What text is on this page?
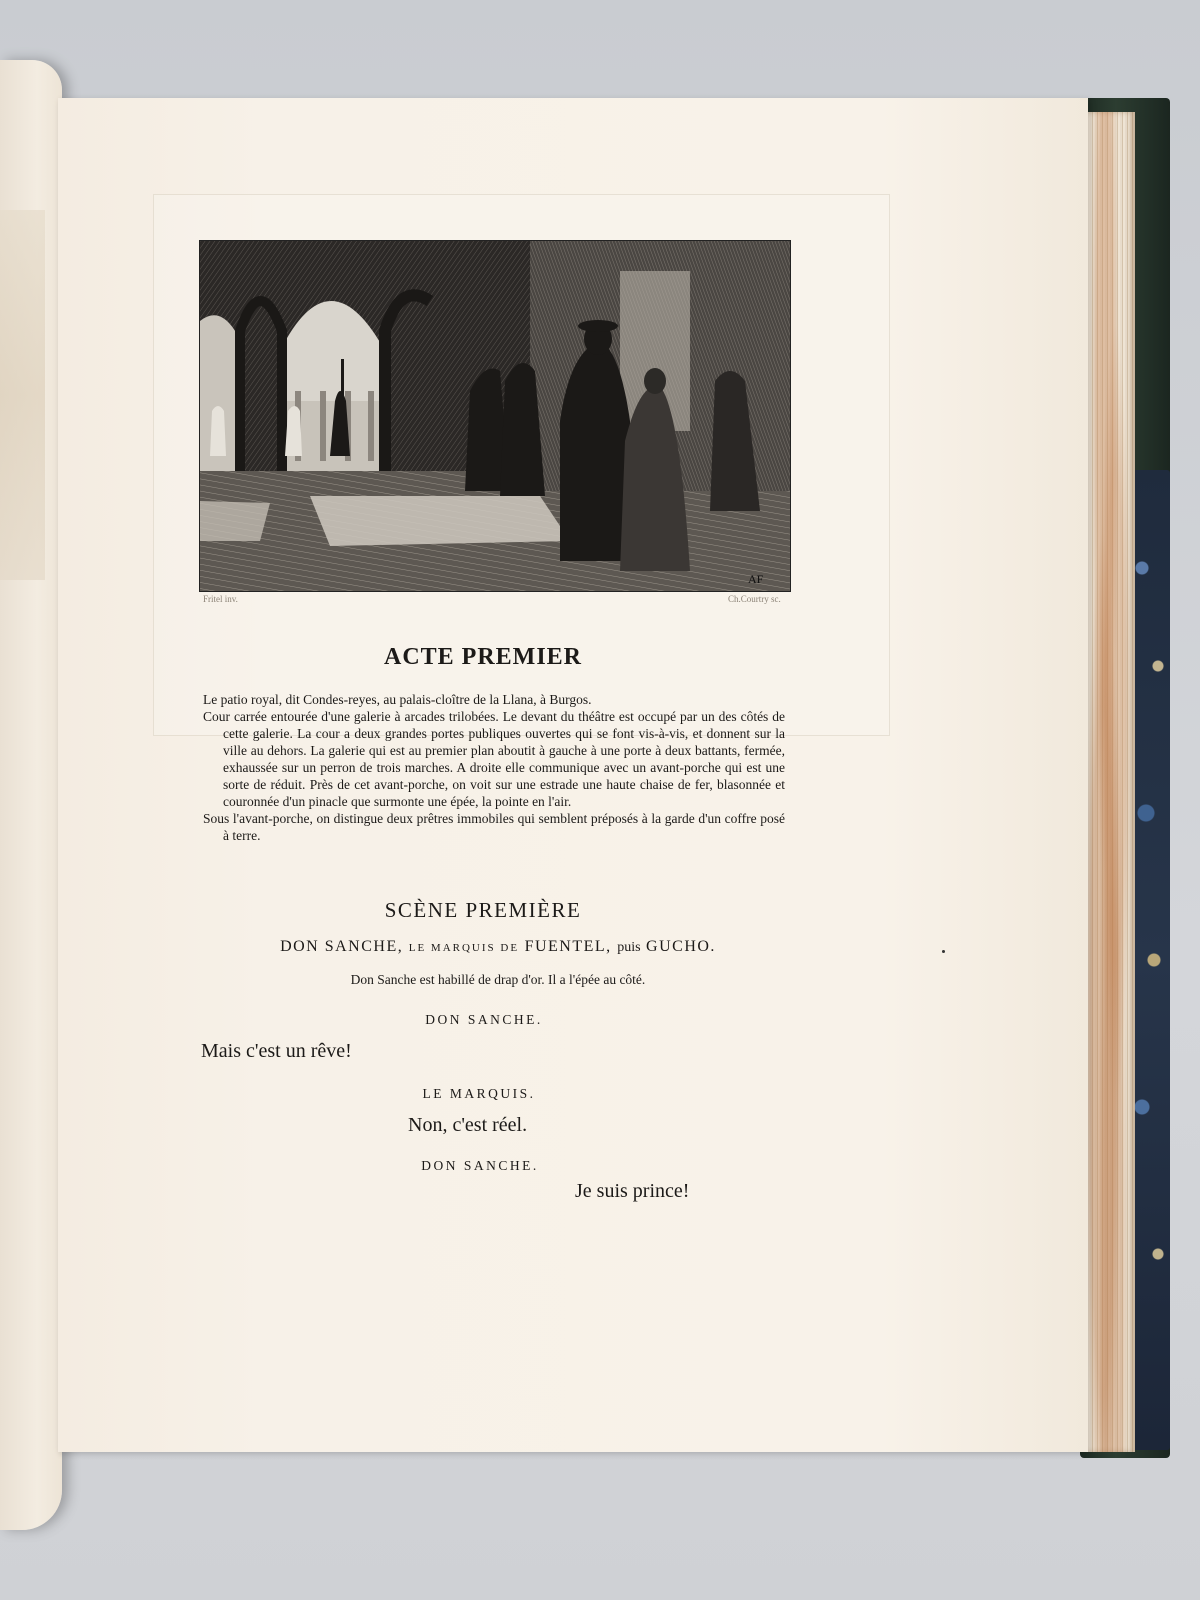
AF
Fritel inv.	Ch.Courtry sc.
ACTE PREMIER

Le patio royal, dit Condes-reyes, au palais-cloître de la Llana, à Burgos.

Cour carrée entourée d'une galerie à arcades trilobées. Le devant du théâtre est occupé par un des côtés de cette galerie. La cour a deux grandes portes publiques ouvertes qui se font vis-à-vis, et donnent sur la ville au dehors. La galerie qui est au premier plan aboutit à gauche à une porte à deux battants, fermée, exhaussée sur un perron de trois marches. A droite elle communique avec un avant-porche qui est une sorte de réduit. Près de cet avant-porche, on voit sur une estrade une haute chaise de fer, blasonnée et couronnée d'un pinacle que surmonte une épée, la pointe en l'air.

Sous l'avant-porche, on distingue deux prêtres immobiles qui semblent préposés à la garde d'un coffre posé à terre.

SCÈNE PREMIÈRE
DON SANCHE, LE MARQUIS DE FUENTEL, puis GUCHO.
Don Sanche est habillé de drap d'or. Il a l'épée au côté.
DON SANCHE.
Mais c'est un rêve!
LE MARQUIS.
Non, c'est réel.
DON SANCHE.
Je suis prince!
